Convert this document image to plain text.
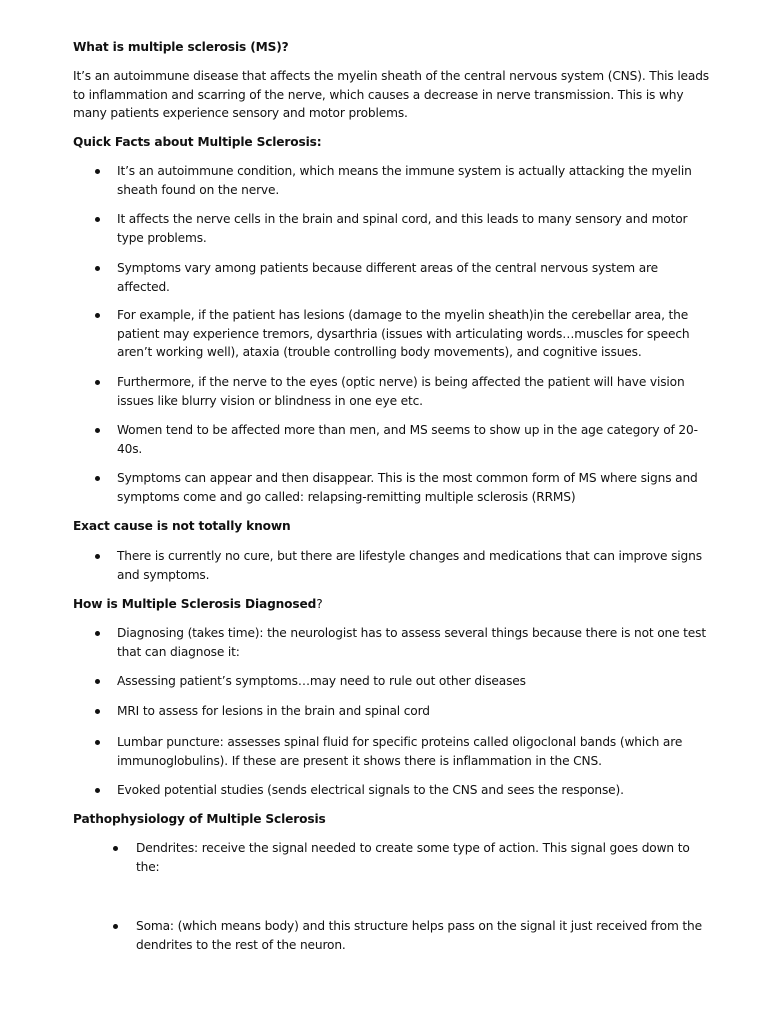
What is multiple sclerosis (MS)?
It’s an autoimmune disease that affects the myelin sheath of the central nervous system (CNS). This leads to inflammation and scarring of the nerve, which causes a decrease in nerve transmission. This is why many patients experience sensory and motor problems.
Quick Facts about Multiple Sclerosis:
It’s an autoimmune condition, which means the immune system is actually attacking the myelin sheath found on the nerve.
It affects the nerve cells in the brain and spinal cord, and this leads to many sensory and motor type problems.
Symptoms vary among patients because different areas of the central nervous system are affected.
For example, if the patient has lesions (damage to the myelin sheath)in the cerebellar area, the patient may experience tremors, dysarthria (issues with articulating words…muscles for speech aren’t working well), ataxia (trouble controlling body movements), and cognitive issues.
Furthermore, if the nerve to the eyes (optic nerve) is being affected the patient will have vision issues like blurry vision or blindness in one eye etc.
Women tend to be affected more than men, and MS seems to show up in the age category of 20-40s.
Symptoms can appear and then disappear. This is the most common form of MS where signs and symptoms come and go called: relapsing-remitting multiple sclerosis (RRMS)
Exact cause is not totally known
There is currently no cure, but there are lifestyle changes and medications that can improve signs and symptoms.
How is Multiple Sclerosis Diagnosed?
Diagnosing (takes time): the neurologist has to assess several things because there is not one test that can diagnose it:
Assessing patient’s symptoms…may need to rule out other diseases
MRI to assess for lesions in the brain and spinal cord
Lumbar puncture: assesses spinal fluid for specific proteins called oligoclonal bands (which are immunoglobulins). If these are present it shows there is inflammation in the CNS.
Evoked potential studies (sends electrical signals to the CNS and sees the response).
Pathophysiology of Multiple Sclerosis
Dendrites: receive the signal needed to create some type of action. This signal goes down to the:
Soma: (which means body) and this structure helps pass on the signal it just received from the dendrites to the rest of the neuron.
